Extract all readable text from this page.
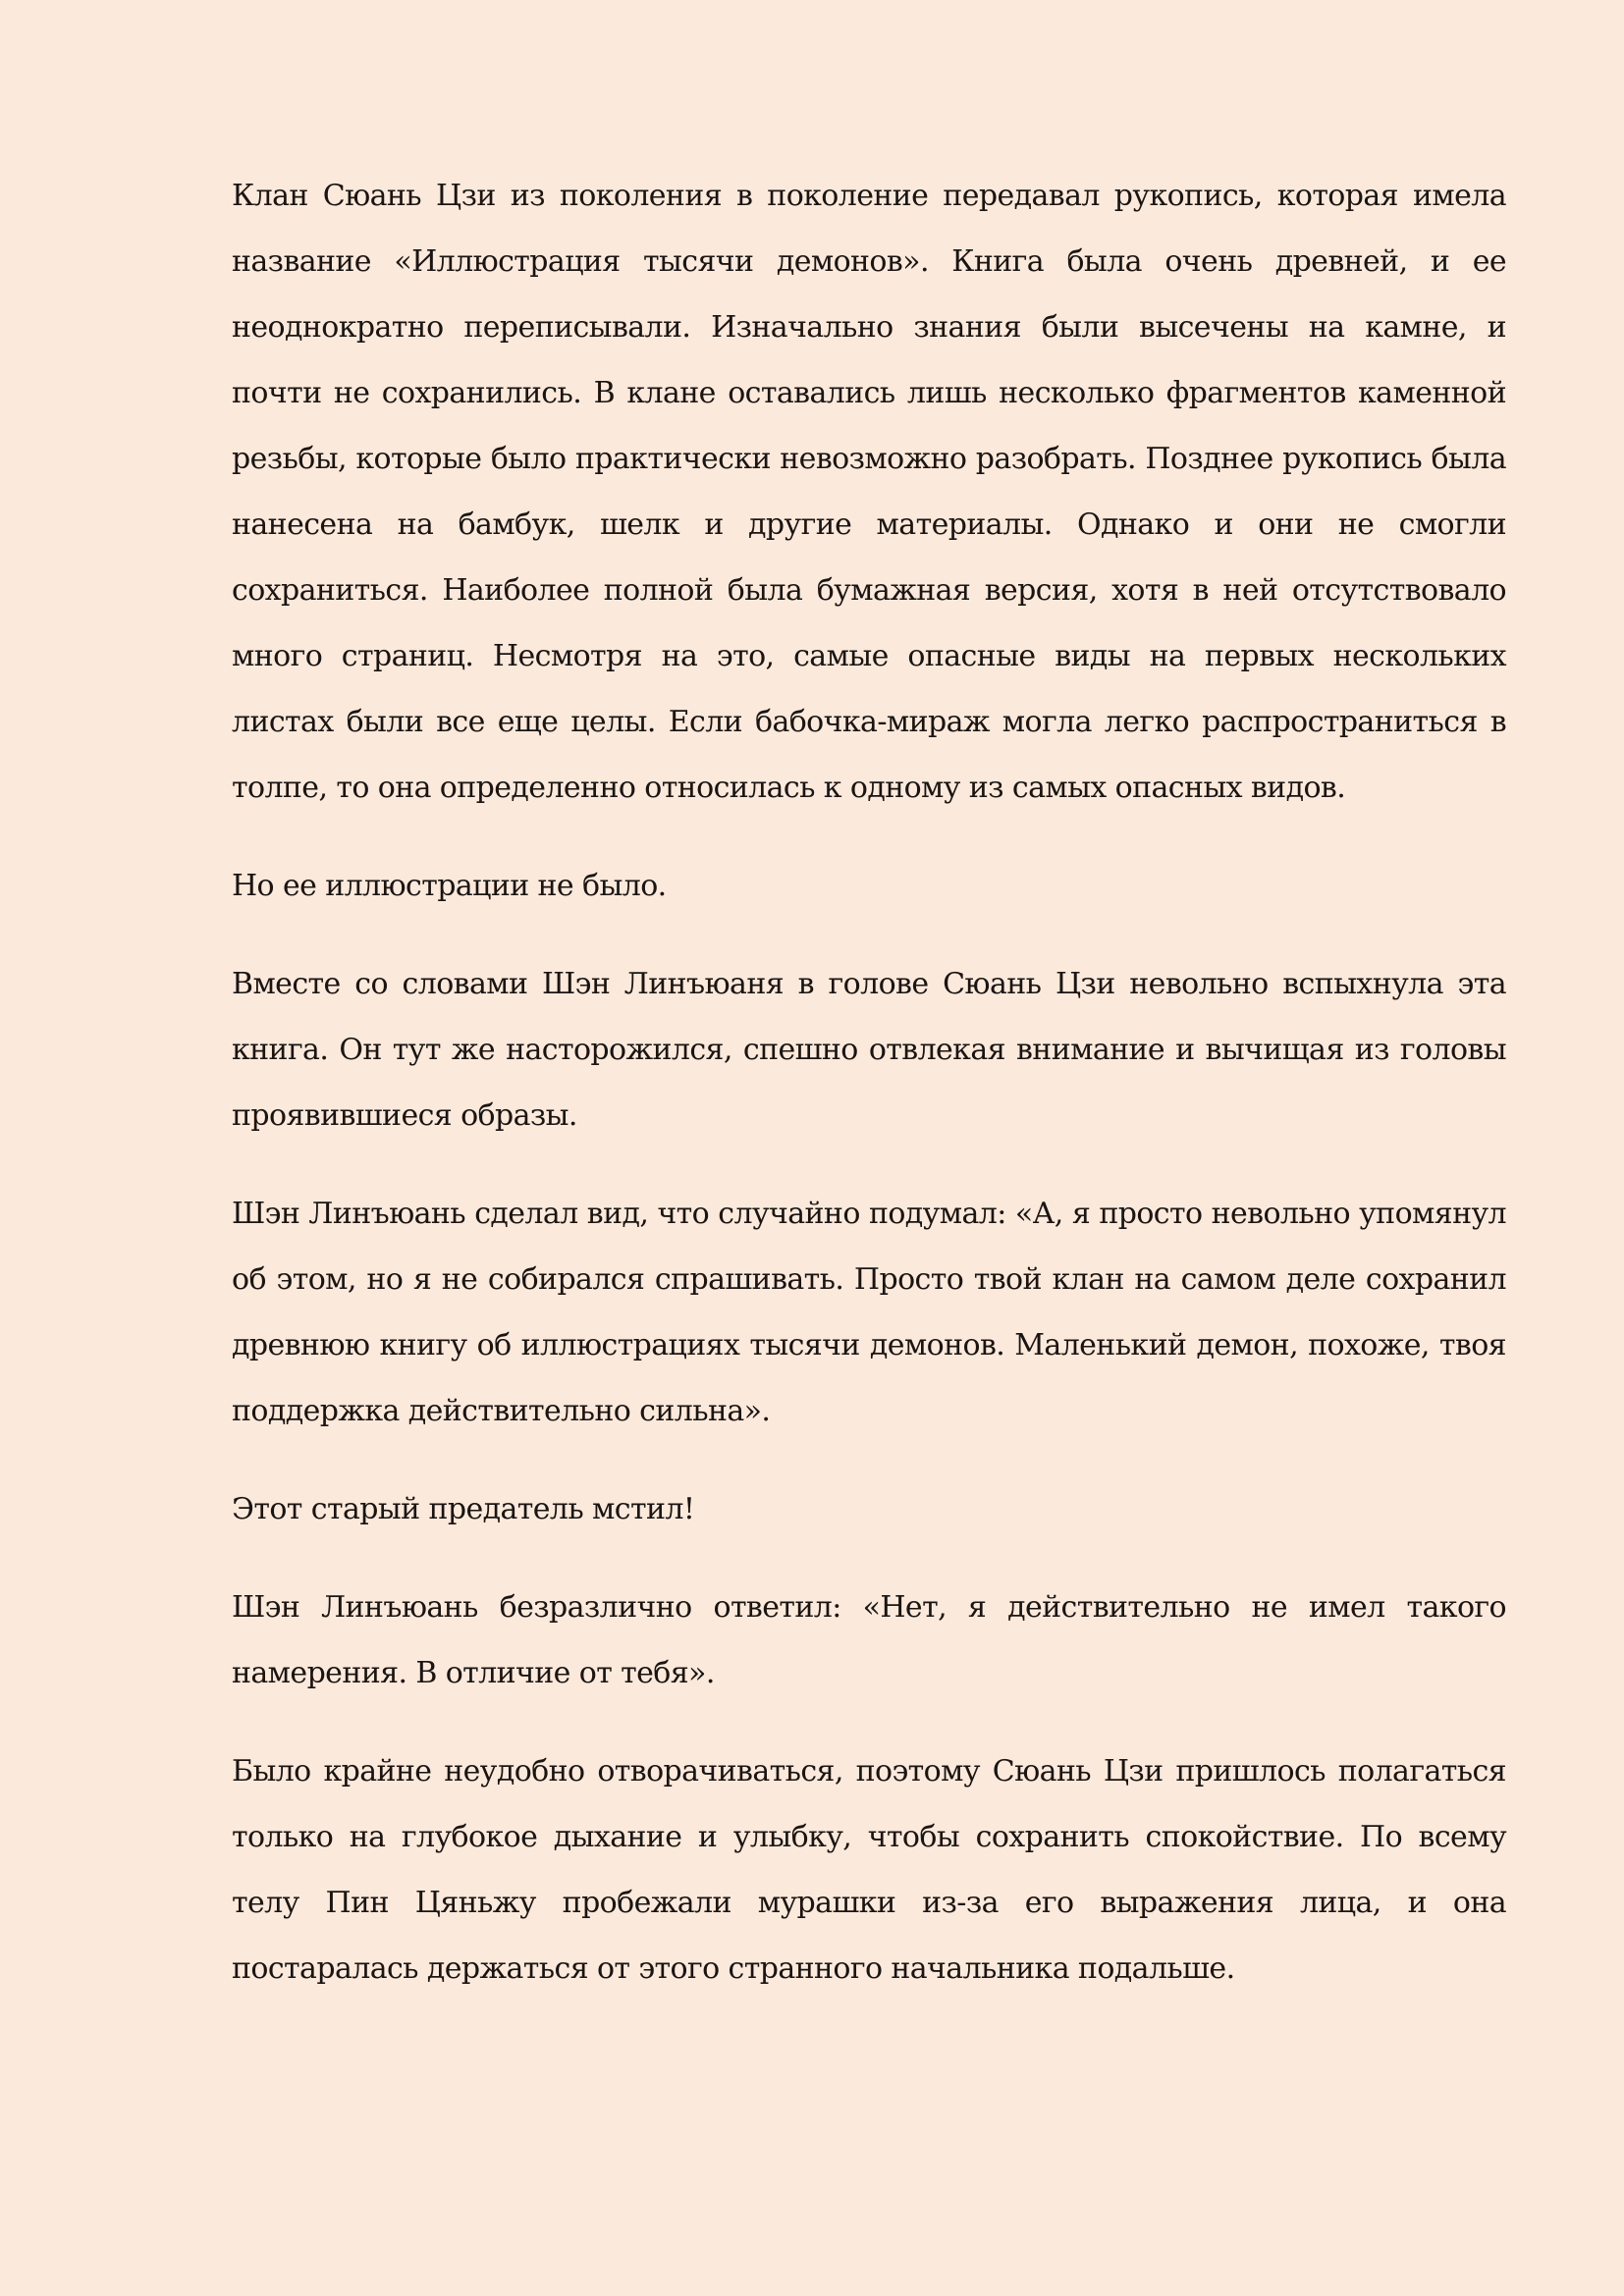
Клан Сюань Цзи из поколения в поколение передавал рукопись, которая имела название «Иллюстрация тысячи демонов». Книга была очень древней, и ее неоднократно переписывали. Изначально знания были высечены на камне, и почти не сохранились. В клане оставались лишь несколько фрагментов каменной резьбы, которые было практически невозможно разобрать. Позднее рукопись была нанесена на бамбук, шелк и другие материалы. Однако и они не смогли сохраниться. Наиболее полной была бумажная версия, хотя в ней отсутствовало много страниц. Несмотря на это, самые опасные виды на первых нескольких листах были все еще целы. Если бабочка-мираж могла легко распространиться в толпе, то она определенно относилась к одному из самых опасных видов.

Но ее иллюстрации не было.

Вместе со словами Шэн Линъюаня в голове Сюань Цзи невольно вспыхнула эта книга. Он тут же насторожился, спешно отвлекая внимание и вычищая из головы проявившиеся образы.

Шэн Линъюань сделал вид, что случайно подумал: «А, я просто невольно упомянул об этом, но я не собирался спрашивать. Просто твой клан на самом деле сохранил древнюю книгу об иллюстрациях тысячи демонов. Маленький демон, похоже, твоя поддержка действительно сильна».

Этот старый предатель мстил!

Шэн Линъюань безразлично ответил: «Нет, я действительно не имел такого намерения. В отличие от тебя».

Было крайне неудобно отворачиваться, поэтому Сюань Цзи пришлось полагаться только на глубокое дыхание и улыбку, чтобы сохранить спокойствие. По всему телу Пин Цяньжу пробежали мурашки из-за его выражения лица, и она постаралась держаться от этого странного начальника подальше.
